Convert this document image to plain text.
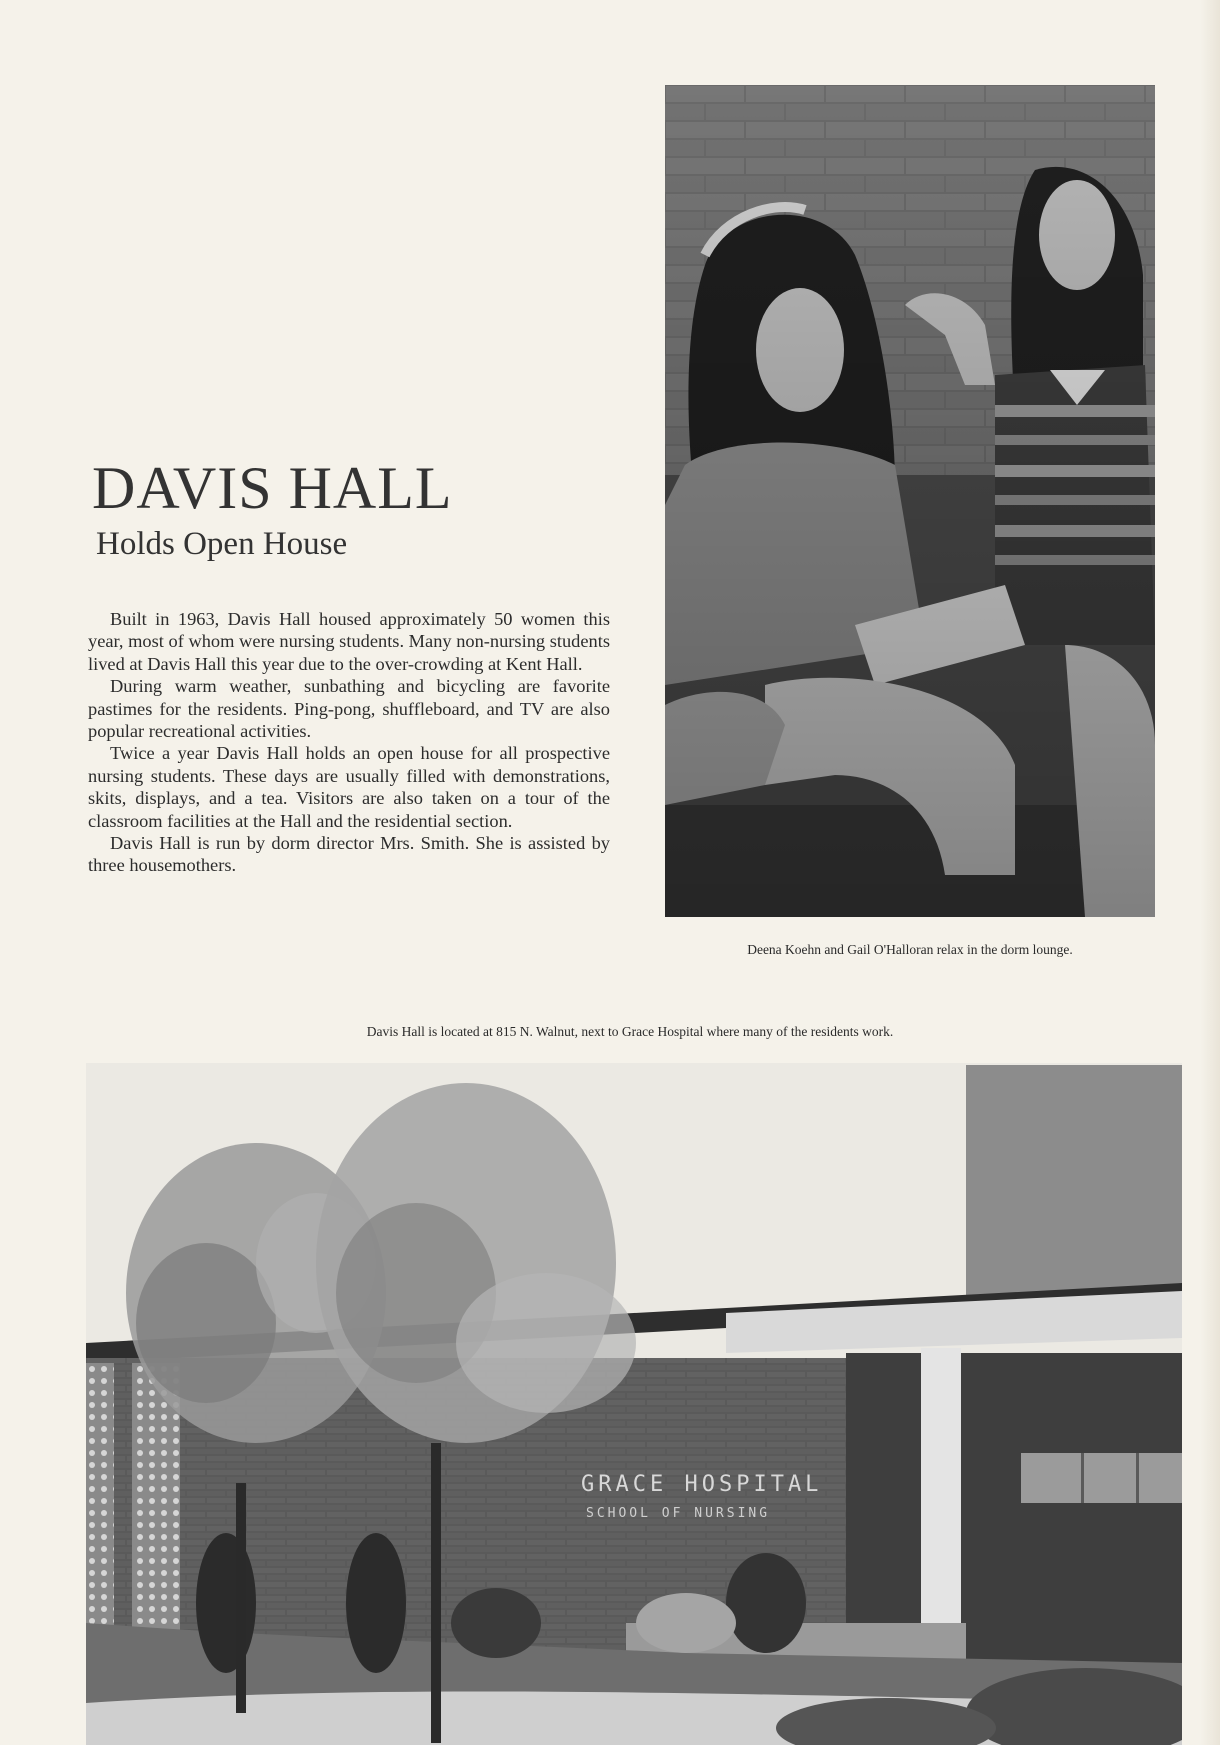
DAVIS HALL
Holds Open House

Built in 1963, Davis Hall housed approximately 50 women this year, most of whom were nursing students. Many non-nursing students lived at Davis Hall this year due to the over-crowding at Kent Hall.

During warm weather, sunbathing and bicycling are favorite pastimes for the residents. Ping-pong, shuffleboard, and TV are also popular recreational activities.

Twice a year Davis Hall holds an open house for all prospective nursing students. These days are usually filled with demonstrations, skits, displays, and a tea. Visitors are also taken on a tour of the classroom facilities at the Hall and the residential section.

Davis Hall is run by dorm director Mrs. Smith. She is assisted by three housemothers.

Deena Koehn and Gail O'Halloran relax in the dorm lounge.
Davis Hall is located at 815 N. Walnut, next to Grace Hospital where many of the residents work.
GRACE HOSPITAL
SCHOOL OF NURSING
